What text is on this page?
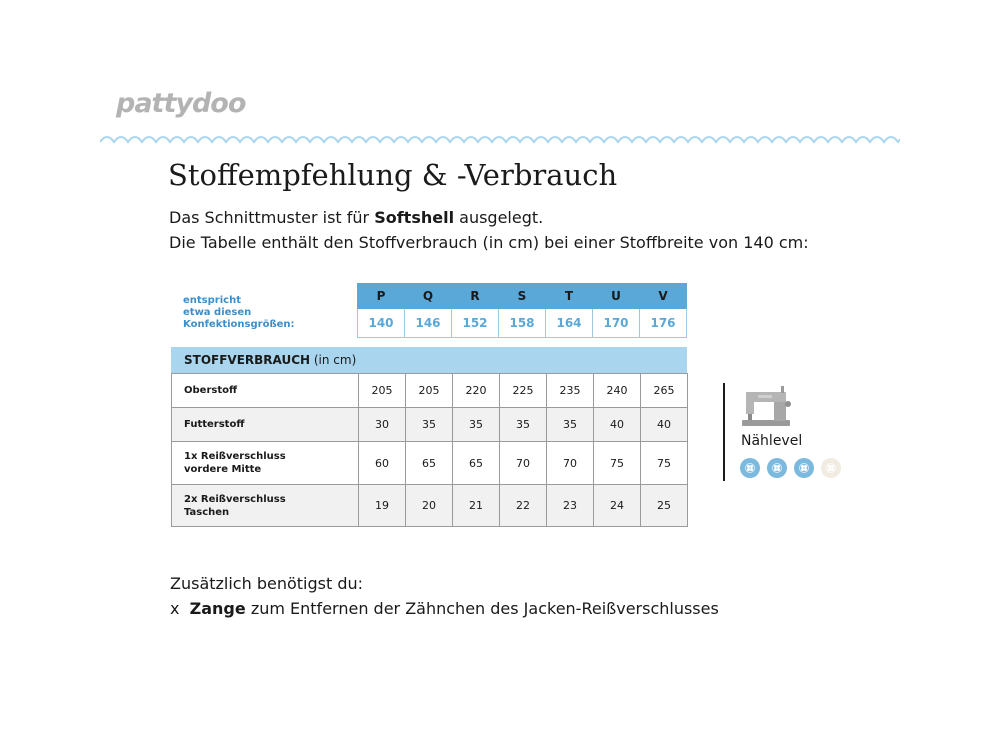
pattydoo
Stoffempfehlung & -Verbrauch
Das Schnittmuster ist für Softshell ausgelegt.
Die Tabelle enthält den Stoffverbrauch (in cm) bei einer Stoffbreite von 140 cm:
entspricht
etwa diesen
Konfektionsgrößen:
P	Q	R	S	T	U	V
140	146	152	158	164	170	176
STOFFVERBRAUCH (in cm)
Oberstoff	205	205	220	225	235	240	265
Futterstoff	30	35	35	35	35	40	40
1x Reißverschluss
vordere Mitte	60	65	65	70	70	75	75
2x Reißverschluss
Taschen	19	20	21	22	23	24	25
Nählevel
Zusätzlich benötigst du:
x Zange zum Entfernen der Zähnchen des Jacken-Reißverschlusses
